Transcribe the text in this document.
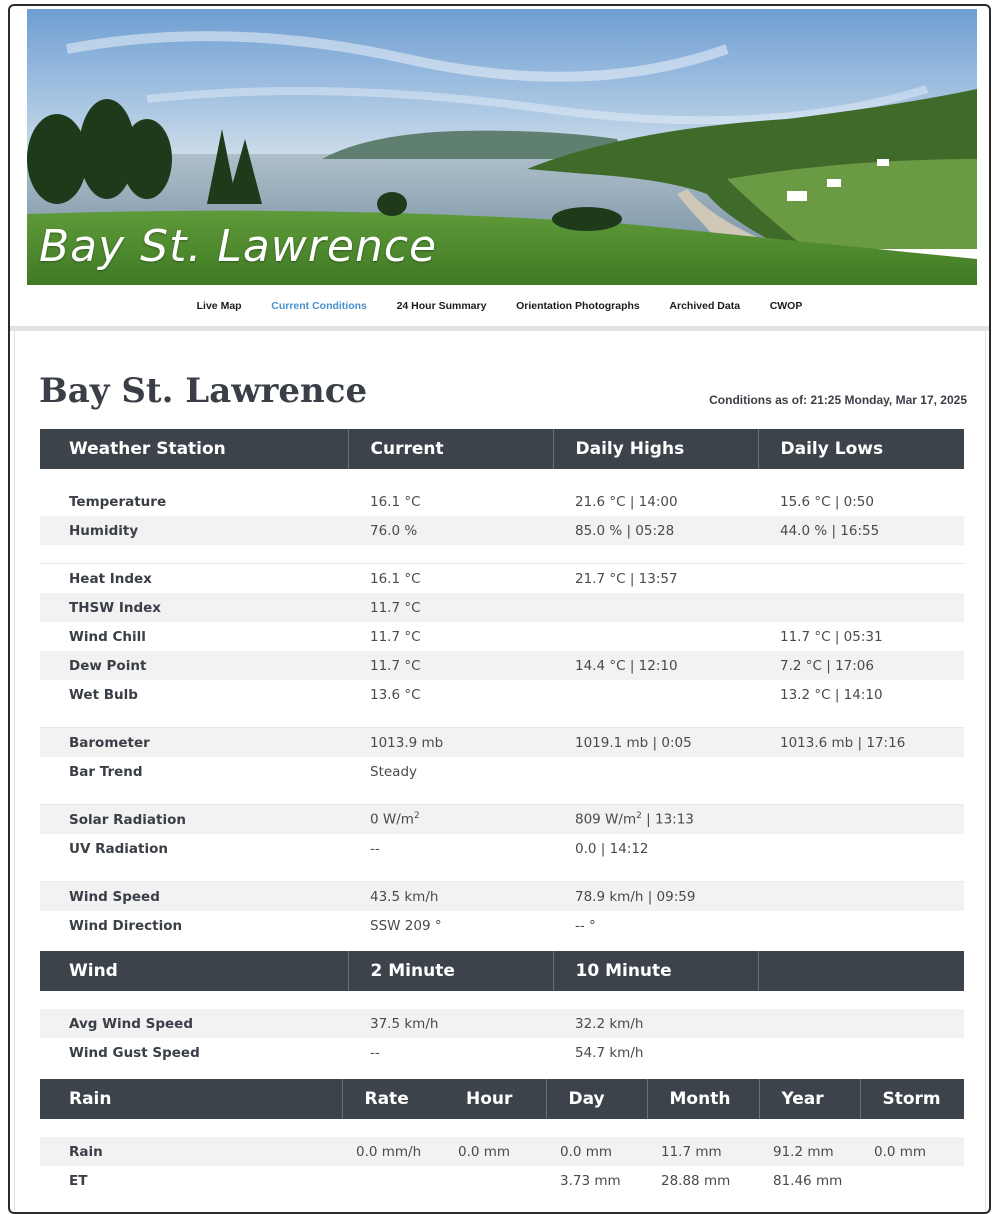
Bay St. Lawrence
Live Map	Current Conditions	24 Hour Summary	Orientation Photographs	Archived Data	CWOP
Bay St. Lawrence	Conditions as of: 21:25 Monday, Mar 17, 2025
Weather Station	Current	Daily Highs	Daily Lows

Temperature	16.1 °C	21.6 °C | 14:00	15.6 °C | 0:50
Humidity	76.0 %	85.0 % | 05:28	44.0 % | 16:55

Heat Index	16.1 °C	21.7 °C | 13:57	
THSW Index	11.7 °C		
Wind Chill	11.7 °C		11.7 °C | 05:31
Dew Point	11.7 °C	14.4 °C | 12:10	7.2 °C | 17:06
Wet Bulb	13.6 °C		13.2 °C | 14:10

Barometer	1013.9 mb	1019.1 mb | 0:05	1013.6 mb | 17:16
Bar Trend	Steady		

Solar Radiation	0 $W/m^2$	809 $W/m^2$ | 13:13	
UV Radiation	--	0.0 | 14:12	

Wind Speed	43.5 km/h	78.9 km/h | 09:59	
Wind Direction	SSW 209 °	-- °	
Wind	2 Minute	10 Minute	

Avg Wind Speed	37.5 km/h	32.2 km/h	
Wind Gust Speed	--	54.7 km/h	
Rain	Rate	Hour	Day	Month	Year	Storm

Rain	0.0 mm/h	0.0 mm	0.0 mm	11.7 mm	91.2 mm	0.0 mm
ET			3.73 mm	28.88 mm	81.46 mm	
